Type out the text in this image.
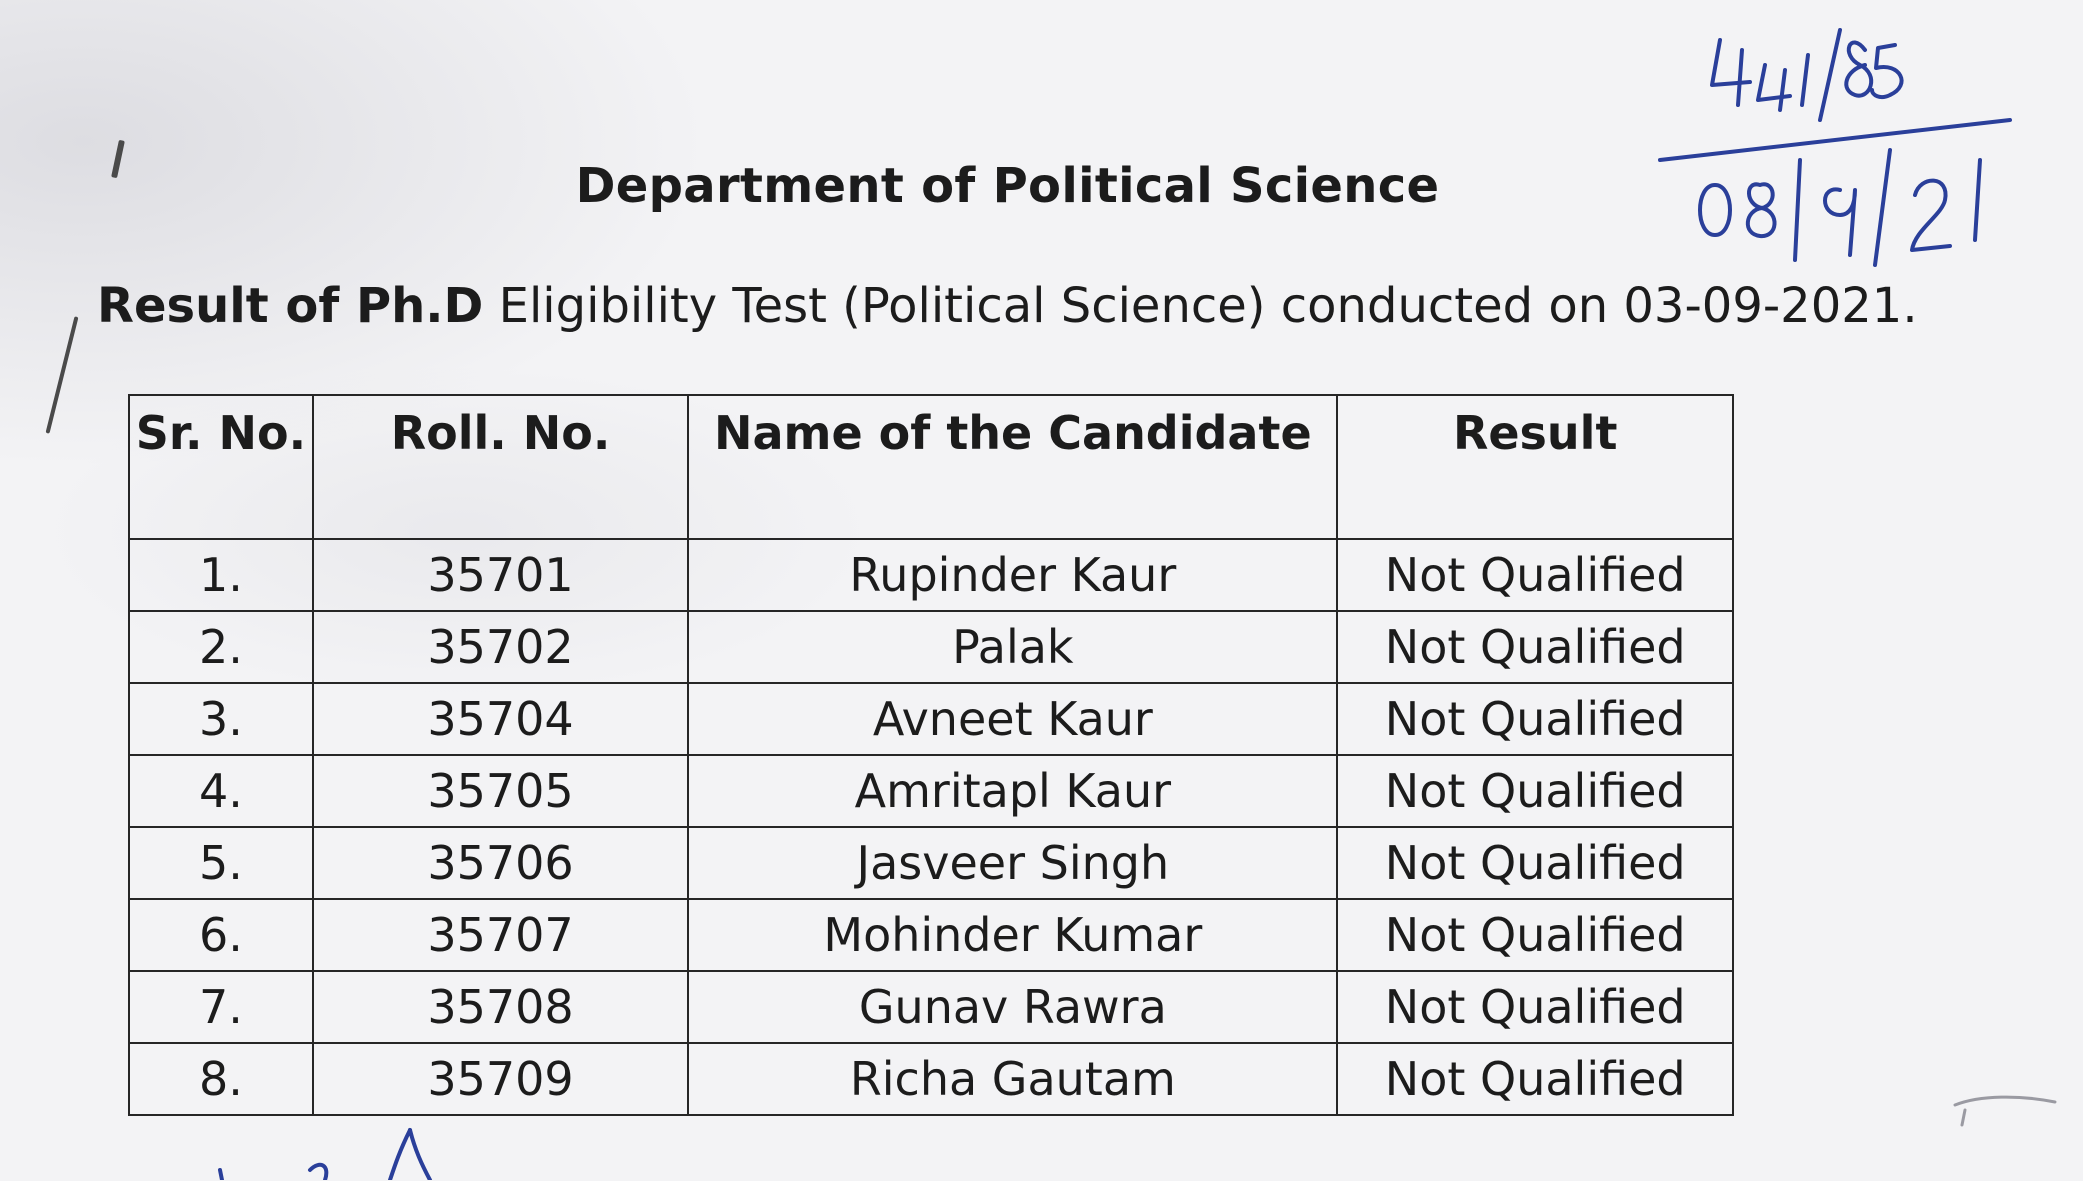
Department of Political Science
Result of Ph.D Eligibility Test (Political Science) conducted on 03-09-2021.
Sr. No.	Roll. No.	Name of the Candidate	Result
1.	35701	Rupinder Kaur	Not Qualified
2.	35702	Palak	Not Qualified
3.	35704	Avneet Kaur	Not Qualified
4.	35705	Amritapl Kaur	Not Qualified
5.	35706	Jasveer Singh	Not Qualified
6.	35707	Mohinder Kumar	Not Qualified
7.	35708	Gunav Rawra	Not Qualified
8.	35709	Richa Gautam	Not Qualified
